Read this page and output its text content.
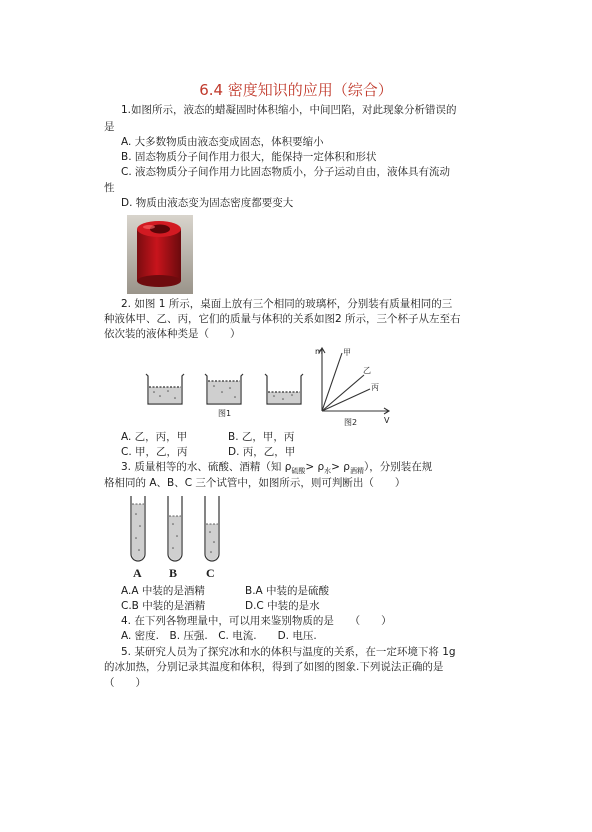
6.4 密度知识的应用（综合）
1.如图所示，液态的蜡凝固时体积缩小，中间凹陷，对此现象分析错误的
是
A. 大多数物质由液态变成固态，体积要缩小
B. 固态物质分子间作用力很大，能保持一定体积和形状
C. 液态物质分子间作用力比固态物质小，分子运动自由，液体具有流动
性
D. 物质由液态变为固态密度都要变大
2. 如图 1 所示，桌面上放有三个相同的玻璃杯，分别装有质量相同的三
种液体甲、乙、丙，它们的质量与体积的关系如图2 所示，三个杯子从左至右
依次装的液体种类是（　　）
图1
m
V
甲
乙
丙
图2
A. 乙，丙，甲	B. 乙，甲，丙
C. 甲，乙，丙	D. 丙，乙，甲
3. 质量相等的水、硫酸、酒精（知 $\rho_{硫酸}> \rho_水> \rho_{酒精}$），分别装在规
格相同的 A、B、C 三个试管中，如图所示，则可判断出（　　）
A B C
A.A 中装的是酒精	B.A 中装的是硫酸
C.B 中装的是酒精	D.C 中装的是水
4. 在下列各物理量中，可以用来鉴别物质的是　　（　　）
A. 密度.　B. 压强.　C. 电流.　　D. 电压.
5. 某研究人员为了探究冰和水的体积与温度的关系，在一定环境下将 1g
的冰加热，分别记录其温度和体积，得到了如图的图象.下列说法正确的是
（　　）
